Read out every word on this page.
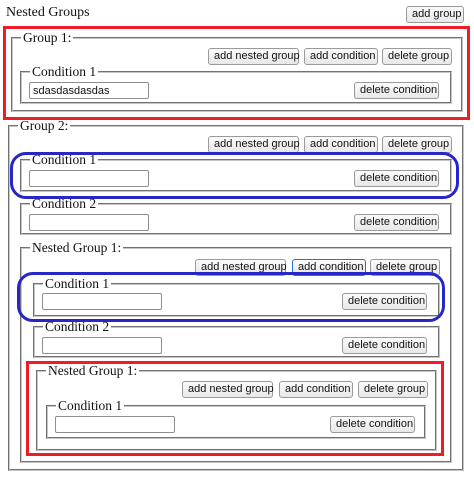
Nested Groups	add group
Group 1:
add nested group add condition	delete group
Condition 1
sdasdasdasdas
delete condition
Group 2:
add nested group add condition	delete group
Condition 1
delete condition
Condition 2
delete condition
Nested Group 1:
add nested group	add condition	delete group
Condition 1
delete condition
Condition 2
delete condition
Nested Group 1:
add nested group	add condition	delete group
Condition 1
delete condition
